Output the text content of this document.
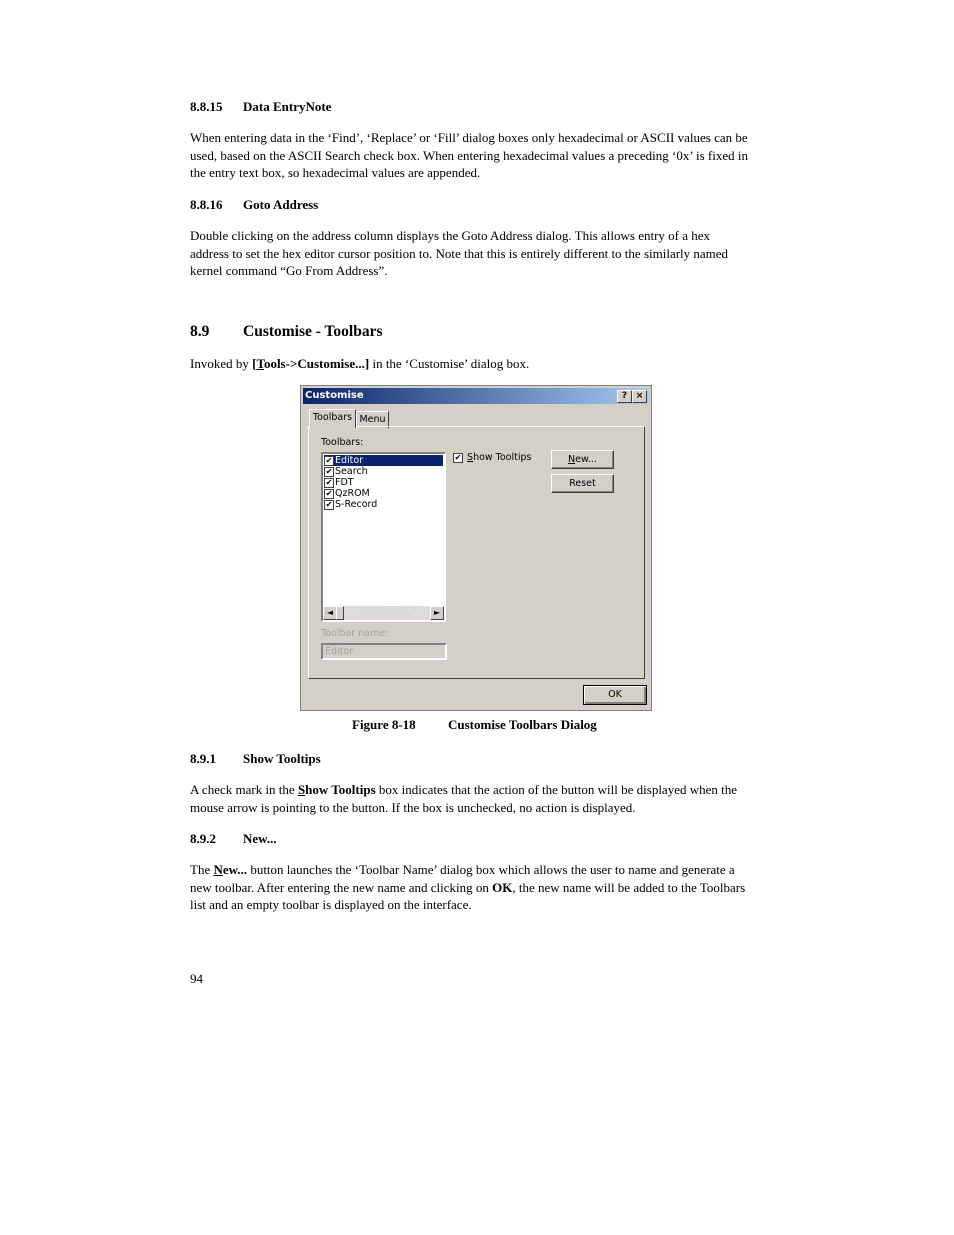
8.8.15 Data EntryNote
When entering data in the ‘Find’, ‘Replace’ or ‘Fill’ dialog boxes only hexadecimal or ASCII values can be
used, based on the ASCII Search check box. When entering hexadecimal values a preceding ‘0x’ is fixed in
the entry text box, so hexadecimal values are appended.
8.8.16 Goto Address
Double clicking on the address column displays the Goto Address dialog. This allows entry of a hex
address to set the hex editor cursor position to. Note that this is entirely different to the similarly named
kernel command “Go From Address”.
8.9 Customise - Toolbars
Invoked by [Tools->Customise...] in the ‘Customise’ dialog box.
Customise	? ×
Toolbars Menu
Toolbars:
✔ Editor
✔ Search
✔ FDT
✔ QzROM
✔ S-Record
◄	►
✔ Show Tooltips	New...
Reset
Toolbar name:
Editor
OK
Figure 8-18 Customise Toolbars Dialog
8.9.1 Show Tooltips
A check mark in the Show Tooltips box indicates that the action of the button will be displayed when the
mouse arrow is pointing to the button. If the box is unchecked, no action is displayed.
8.9.2 New...
The New... button launches the ‘Toolbar Name’ dialog box which allows the user to name and generate a
new toolbar. After entering the new name and clicking on OK, the new name will be added to the Toolbars
list and an empty toolbar is displayed on the interface.
94
